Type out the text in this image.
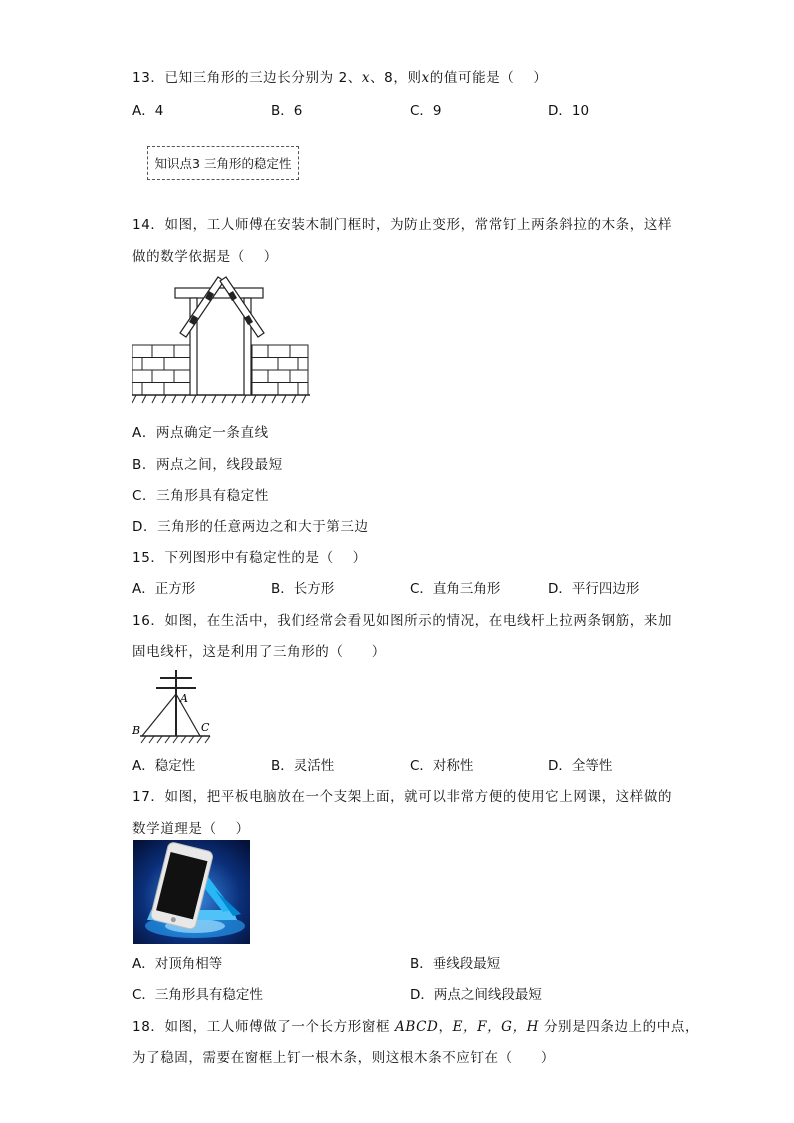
13．已知三角形的三边长分别为 2、x、8，则x的值可能是（　 ）
A．4	B．6	C．9	D．10
知识点3 三角形的稳定性
14．如图，工人师傅在安装木制门框时，为防止变形，常常钉上两条斜拉的木条，这样
做的数学依据是（　 ）
A．两点确定一条直线
B．两点之间，线段最短
C．三角形具有稳定性
D．三角形的任意两边之和大于第三边
15．下列图形中有稳定性的是（　 ）
A．正方形	B．长方形	C．直角三角形	D．平行四边形
16．如图，在生活中，我们经常会看见如图所示的情况，在电线杆上拉两条钢筋，来加
固电线杆，这是利用了三角形的（　　）
A
B	C
A．稳定性	B．灵活性	C．对称性	D．全等性
17．如图，把平板电脑放在一个支架上面，就可以非常方便的使用它上网课，这样做的
数学道理是（　 ）
A．对顶角相等	B．垂线段最短
C．三角形具有稳定性	D．两点之间线段最短
18．如图，工人师傅做了一个长方形窗框 ABCD，E，F，G，H 分别是四条边上的中点，
为了稳固，需要在窗框上钉一根木条，则这根木条不应钉在（　　）
